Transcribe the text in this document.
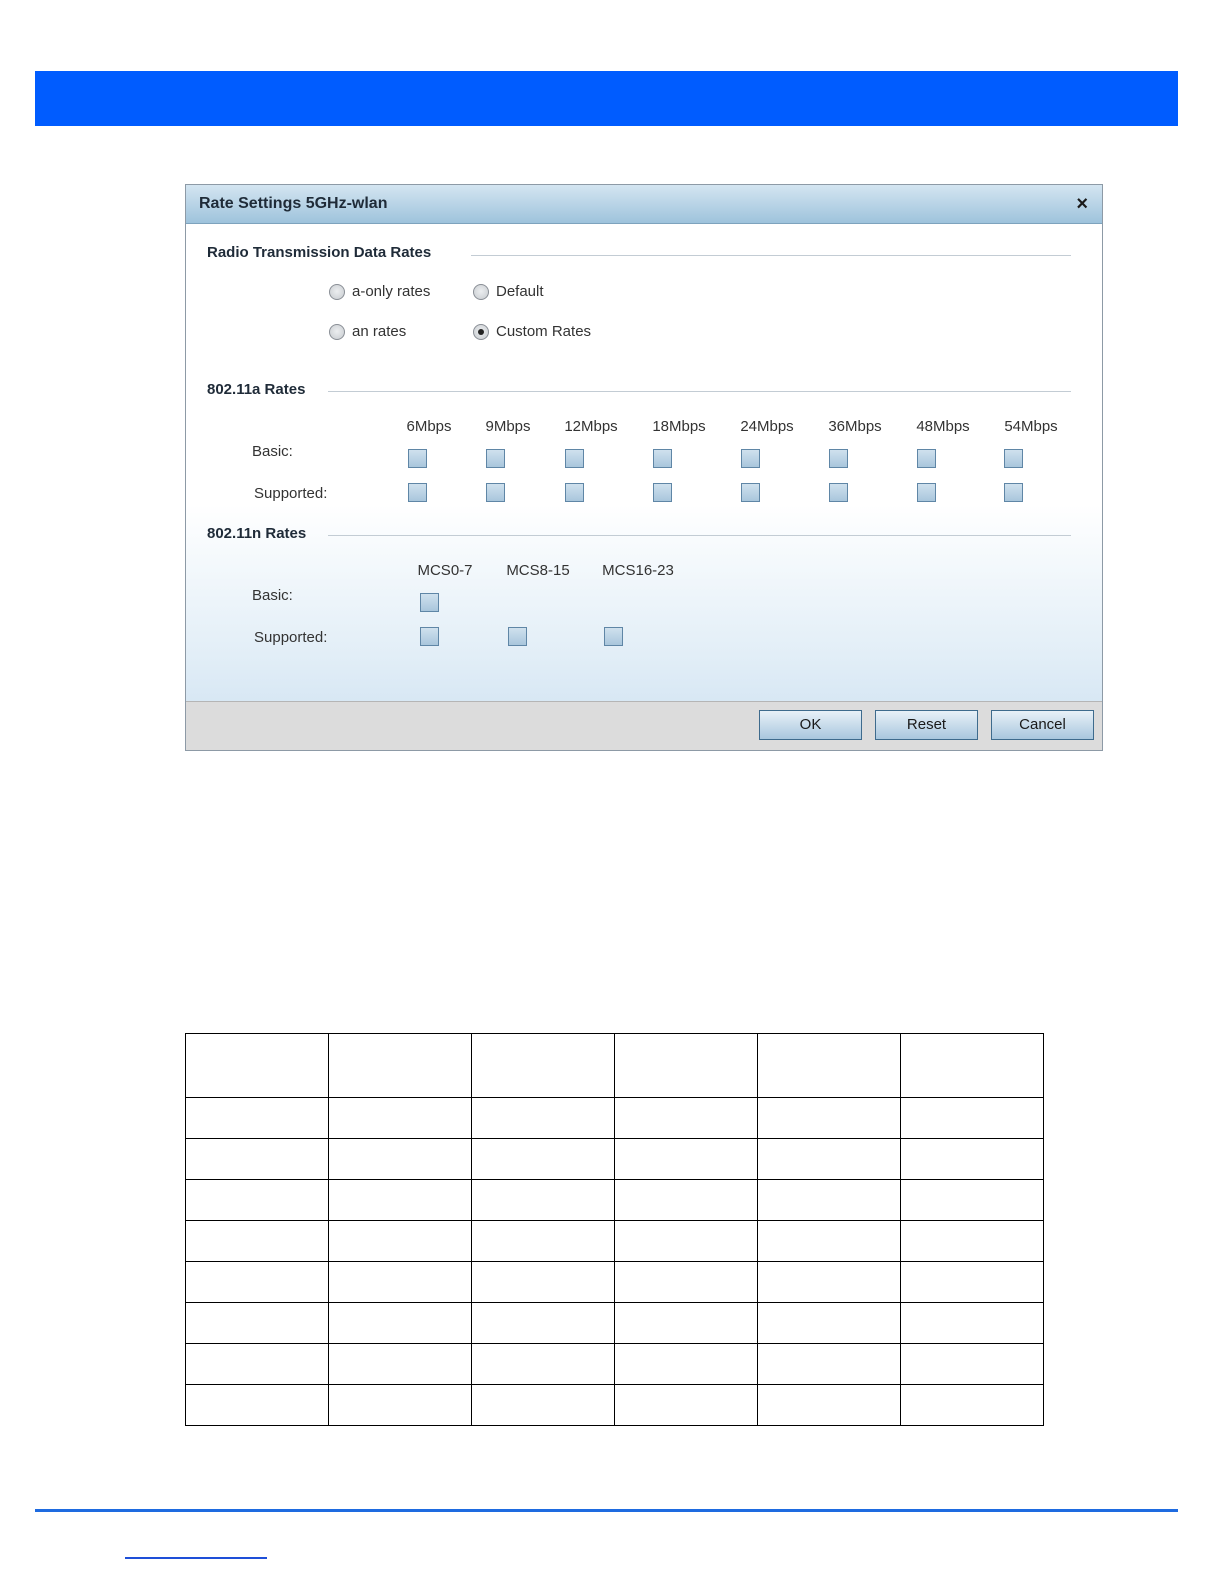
Rate Settings 5GHz-wlan	×
Radio Transmission Data Rates
a-only rates	Default
an rates	Custom Rates
802.11a Rates
6Mbps	9Mbps	12Mbps	18Mbps	24Mbps	36Mbps	48Mbps	54Mbps
Basic:
Supported:
802.11n Rates
MCS0-7	MCS8-15 MCS16-23
Basic:
Supported:
OK	Reset	Cancel
